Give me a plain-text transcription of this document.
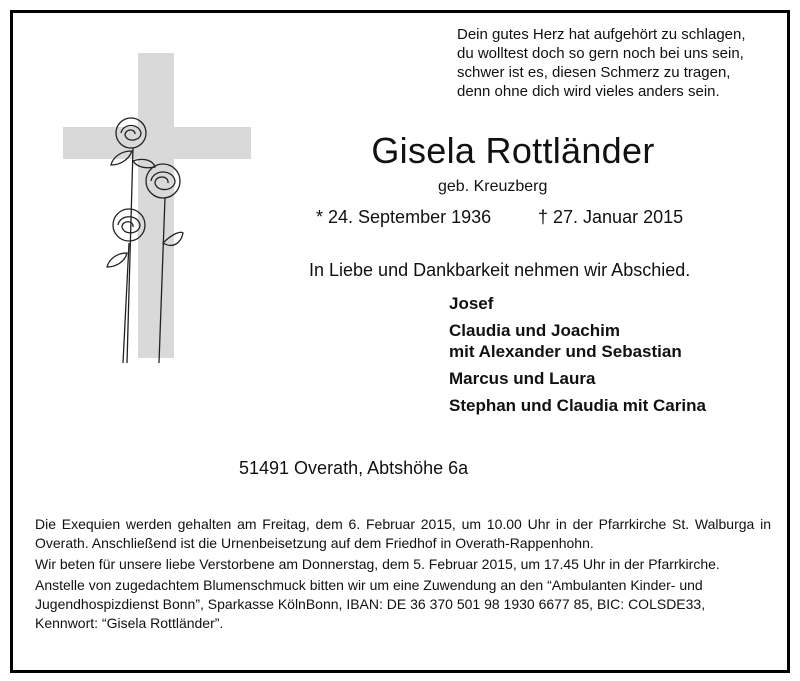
Dein gutes Herz hat aufgehört zu schlagen,
du wolltest doch so gern noch bei uns sein,
schwer ist es, diesen Schmerz zu tragen,
denn ohne dich wird vieles anders sein.
Gisela Rottländer
geb. Kreuzberg
* 24. September 1936	† 27. Januar 2015
In Liebe und Dankbarkeit nehmen wir Abschied.
Josef
Claudia und Joachim
mit Alexander und Sebastian
Marcus und Laura
Stephan und Claudia mit Carina
51491 Overath, Abtshöhe 6a

Die Exequien werden gehalten am Freitag, dem 6. Februar 2015, um 10.00 Uhr in der Pfarrkirche St. Walburga in Overath. Anschließend ist die Urnenbeisetzung auf dem Friedhof in Overath-Rappenhohn.

Wir beten für unsere liebe Verstorbene am Donnerstag, dem 5. Februar 2015, um 17.45 Uhr in der Pfarrkirche.

Anstelle von zugedachtem Blumenschmuck bitten wir um eine Zuwendung an den “Ambulanten Kinder- und Jugendhospizdienst Bonn”, Sparkasse KölnBonn, IBAN: DE 36 370 501 98 1930 6677 85, BIC: COLSDE33, Kennwort: “Gisela Rottländer”.
